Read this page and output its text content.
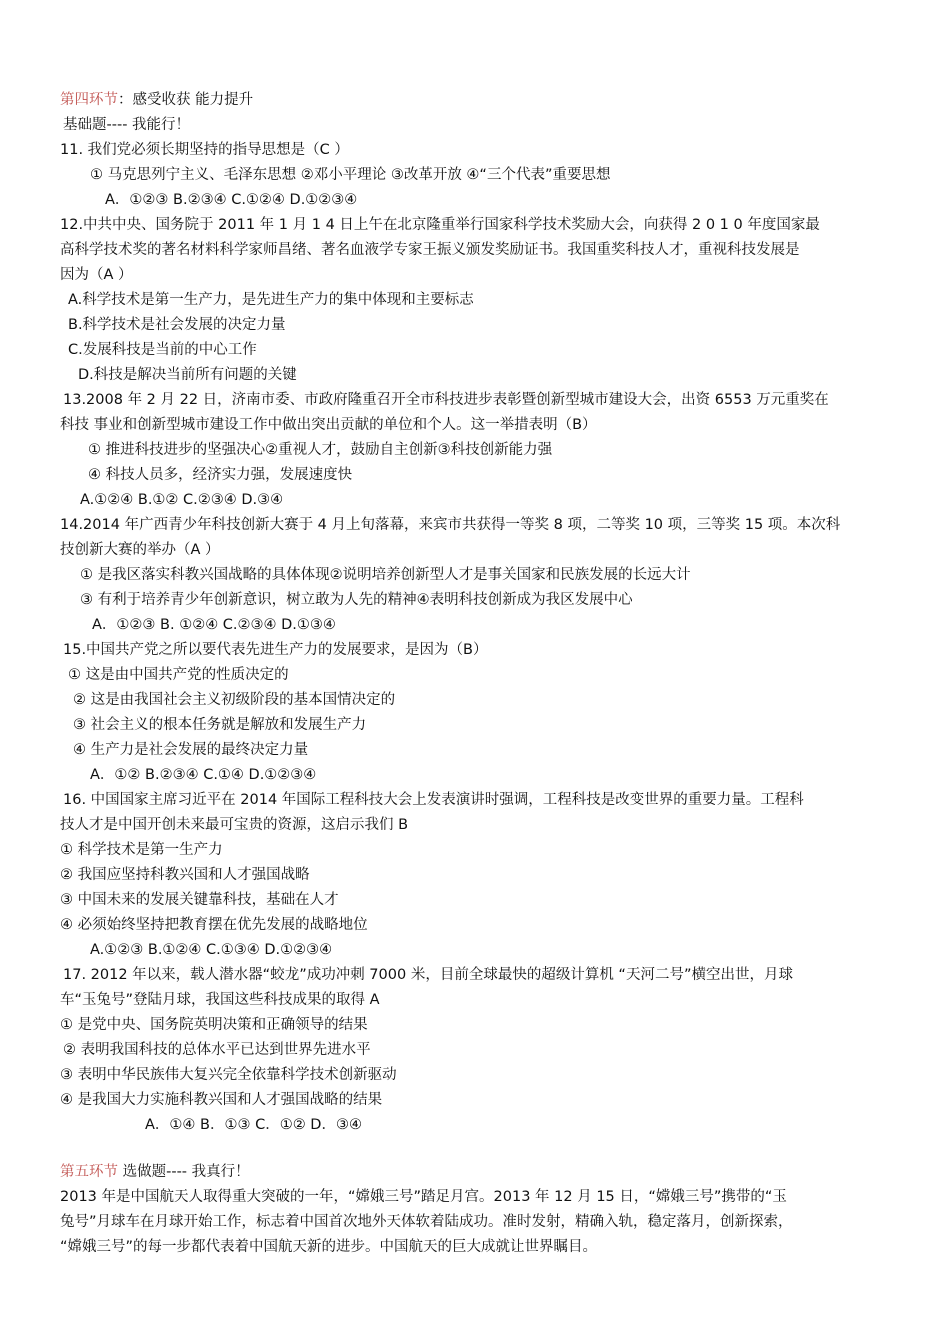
第四环节：感受收获 能力提升
基础题---- 我能行！
11. 我们党必须长期坚持的指导思想是（C ）
① 马克思列宁主义、毛泽东思想 ②邓小平理论 ③改革开放 ④“三个代表”重要思想
A．①②③ B.②③④ C.①②④ D.①②③④
12.中共中央、国务院于 2011 年 1 月 1 4 日上午在北京隆重举行国家科学技术奖励大会，向获得 2 0 1 0 年度国家最
高科学技术奖的著名材料科学家师昌绪、著名血液学专家王振义颁发奖励证书。我国重奖科技人才，重视科技发展是
因为（A ）
A.科学技术是第一生产力，是先进生产力的集中体现和主要标志
B.科学技术是社会发展的决定力量
C.发展科技是当前的中心工作
D.科技是解决当前所有问题的关键
13.2008 年 2 月 22 日，济南市委、市政府隆重召开全市科技进步表彰暨创新型城市建设大会，出资 6553 万元重奖在
科技 事业和创新型城市建设工作中做出突出贡献的单位和个人。这一举措表明（B）
① 推进科技进步的坚强决心②重视人才，鼓励自主创新③科技创新能力强
④ 科技人员多，经济实力强，发展速度快
A.①②④ B.①② C.②③④ D.③④
14.2014 年广西青少年科技创新大赛于 4 月上旬落幕，来宾市共获得一等奖 8 项，二等奖 10 项，三等奖 15 项。本次科
技创新大赛的举办（A ）
① 是我区落实科教兴国战略的具体体现②说明培养创新型人才是事关国家和民族发展的长远大计
③ 有利于培养青少年创新意识，树立敢为人先的精神④表明科技创新成为我区发展中心
A．①②③ B. ①②④ C.②③④ D.①③④
15.中国共产党之所以要代表先进生产力的发展要求，是因为（B）
① 这是由中国共产党的性质决定的
② 这是由我国社会主义初级阶段的基本国情决定的
③ 社会主义的根本任务就是解放和发展生产力
④ 生产力是社会发展的最终决定力量
A．①② B.②③④ C.①④ D.①②③④
16. 中国国家主席习近平在 2014 年国际工程科技大会上发表演讲时强调，工程科技是改变世界的重要力量。工程科
技人才是中国开创未来最可宝贵的资源，这启示我们 B
① 科学技术是第一生产力
② 我国应坚持科教兴国和人才强国战略
③ 中国未来的发展关键靠科技，基础在人才
④ 必须始终坚持把教育摆在优先发展的战略地位
A.①②③ B.①②④ C.①③④ D.①②③④
17. 2012 年以来，载人潜水器“蛟龙”成功冲刺 7000 米，目前全球最快的超级计算机 “天河二号”横空出世，月球
车“玉兔号”登陆月球，我国这些科技成果的取得 A
① 是党中央、国务院英明决策和正确领导的结果
② 表明我国科技的总体水平已达到世界先进水平
③ 表明中华民族伟大复兴完全依靠科学技术创新驱动
④ 是我国大力实施科教兴国和人才强国战略的结果
A．①④ B．①③ C．①② D．③④
第五环节 选做题---- 我真行！
2013 年是中国航天人取得重大突破的一年，“嫦娥三号”踏足月宫。2013 年 12 月 15 日，“嫦娥三号”携带的“玉
兔号”月球车在月球开始工作，标志着中国首次地外天体软着陆成功。准时发射，精确入轨，稳定落月，创新探索，
“嫦娥三号”的每一步都代表着中国航天新的进步。中国航天的巨大成就让世界瞩目。
